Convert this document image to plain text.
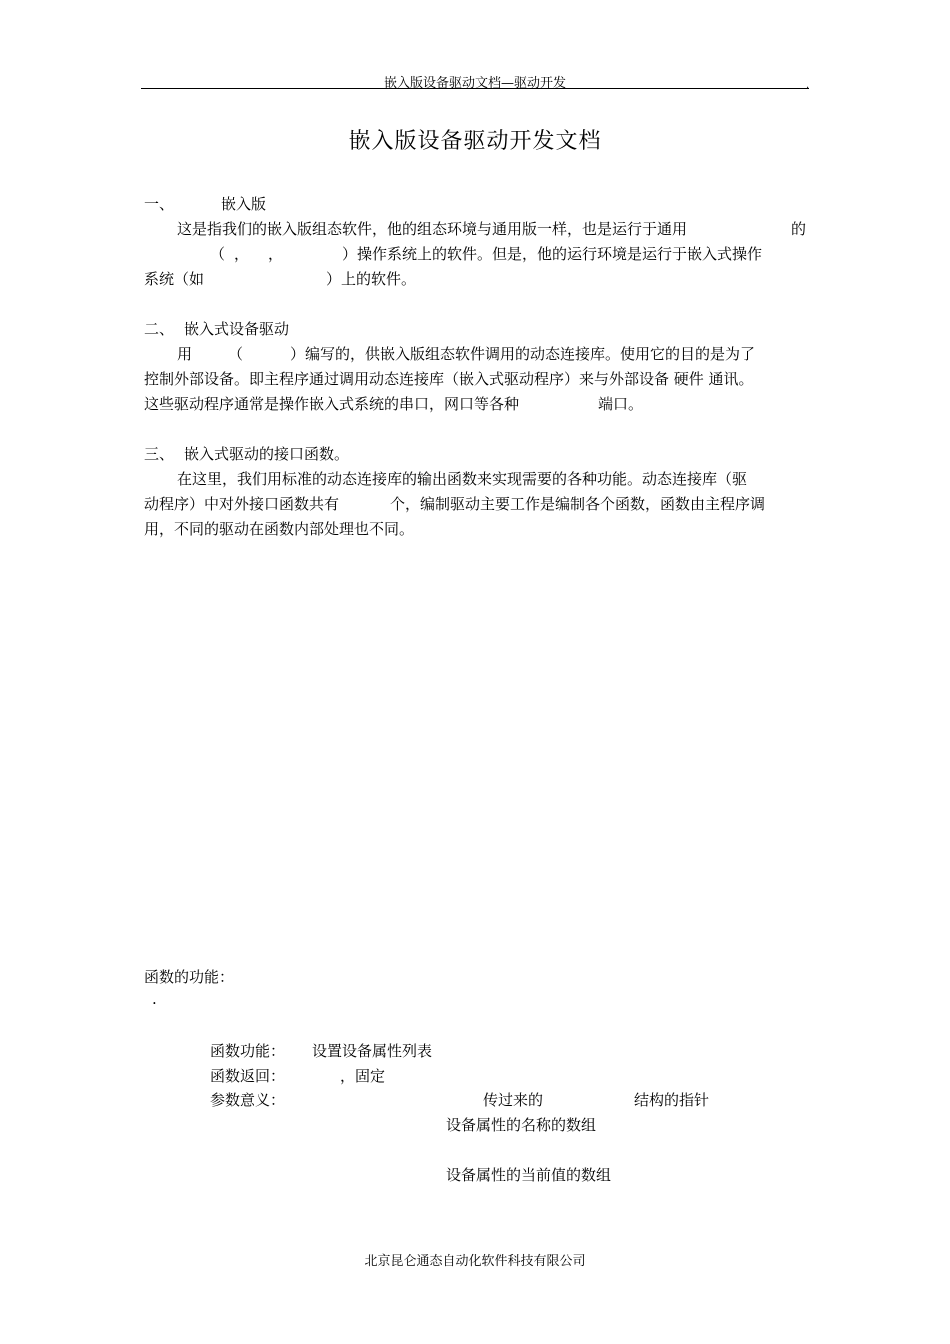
嵌入版设备驱动文档—驱动开发	.
嵌入版设备驱动开发文档
一、	嵌入版
这是指我们的嵌入版组态软件，他的组态环境与通用版一样，也是运行于通用	的
（ ， ，	）操作系统上的软件。但是，他的运行环境是运行于嵌入式操作
系统（如	）上的软件。
二、 嵌入式设备驱动
用 （	）编写的，供嵌入版组态软件调用的动态连接库。使用它的目的是为了
控制外部设备。即主程序通过调用动态连接库（嵌入式驱动程序）来与外部设备 硬件 通讯。
这些驱动程序通常是操作嵌入式系统的串口，网口等各种	端口。
三、 嵌入式驱动的接口函数。
在这里，我们用标准的动态连接库的输出函数来实现需要的各种功能。动态连接库（驱
动程序）中对外接口函数共有	个，编制驱动主要工作是编制各个函数，函数由主程序调
用，不同的驱动在函数内部处理也不同。
函数的功能：
.
函数功能： 设置设备属性列表
函数返回：	，固定
参数意义：	传过来的	结构的指针
设备属性的名称的数组
设备属性的当前值的数组
北京昆仑通态自动化软件科技有限公司
